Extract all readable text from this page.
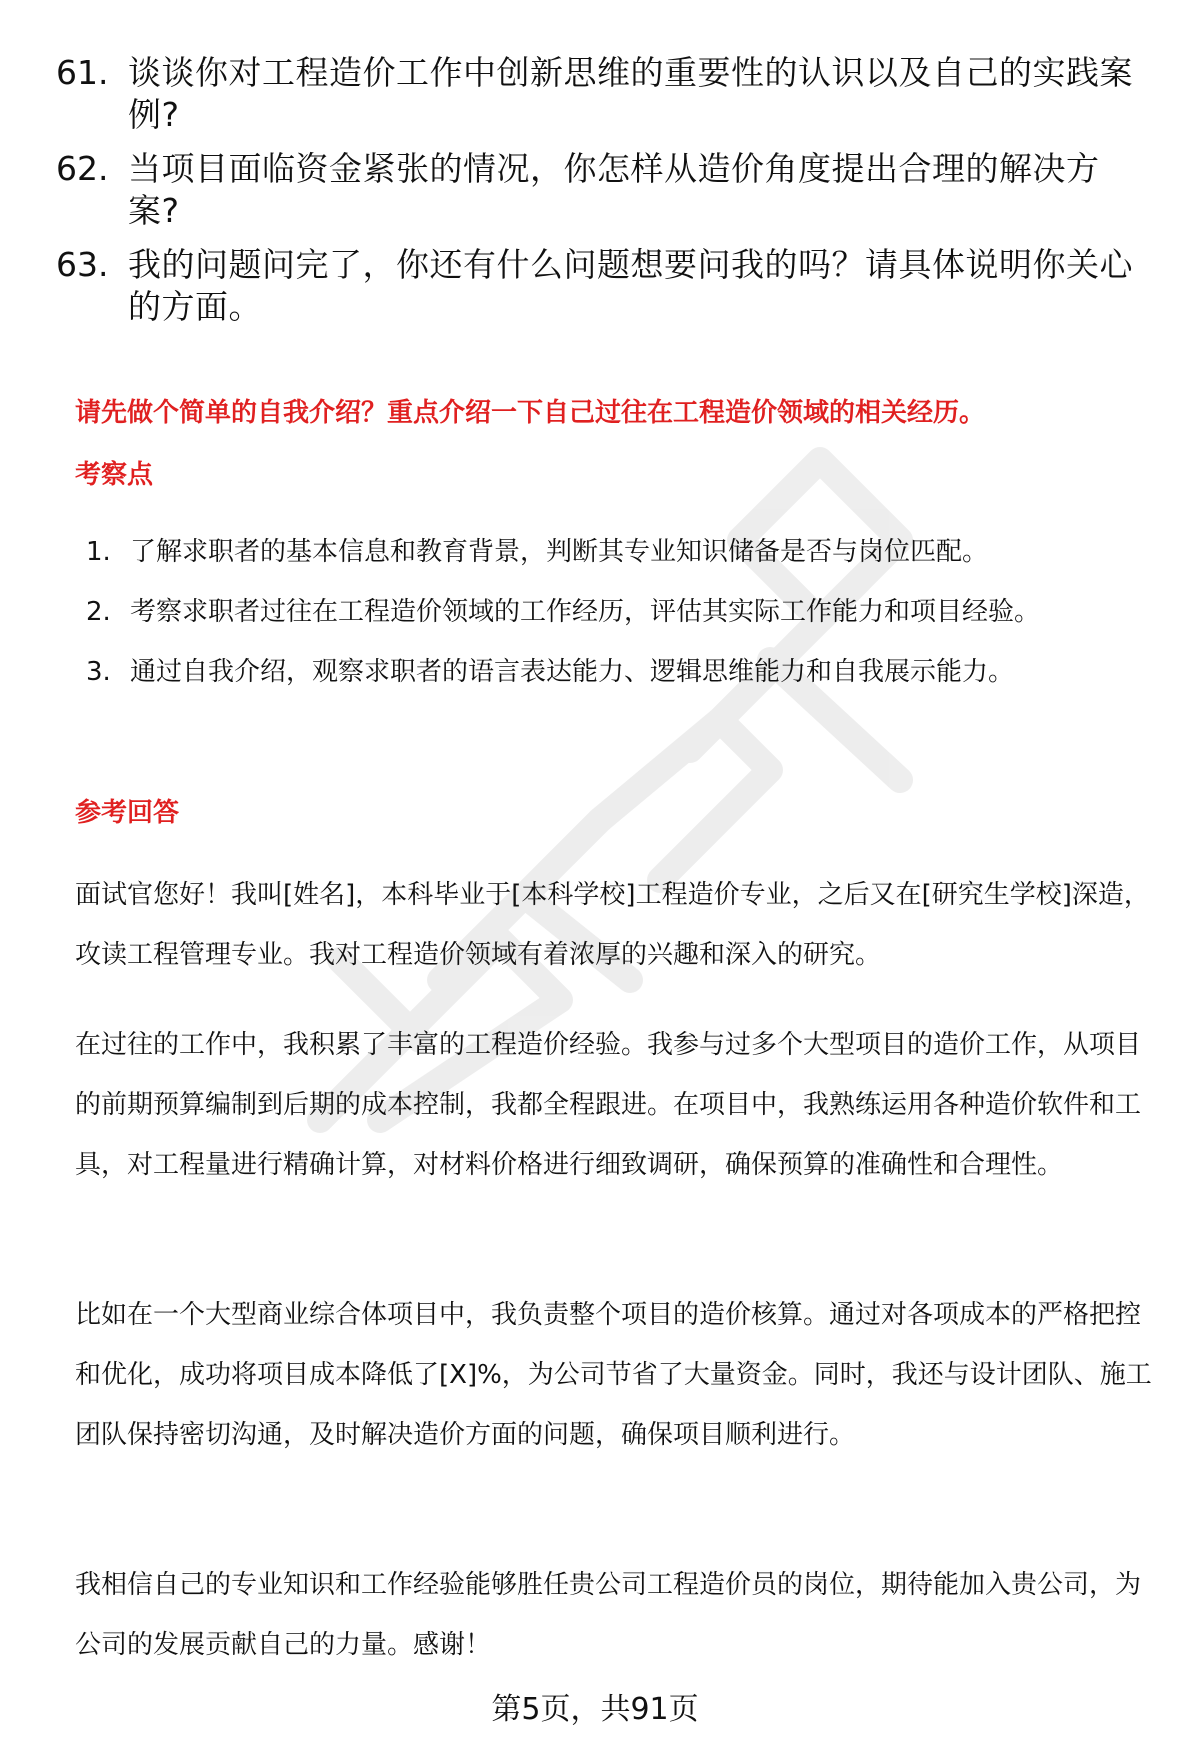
61. 谈谈你对工程造价工作中创新思维的重要性的认识以及自己的实践案例?
62. 当项目面临资金紧张的情况，你怎样从造价角度提出合理的解决方案?
63. 我的问题问完了，你还有什么问题想要问我的吗？请具体说明你关心的方面。
请先做个简单的自我介绍？重点介绍一下自己过往在工程造价领域的相关经历。
考察点
1. 了解求职者的基本信息和教育背景，判断其专业知识储备是否与岗位匹配。
2. 考察求职者过往在工程造价领域的工作经历，评估其实际工作能力和项目经验。
3. 通过自我介绍，观察求职者的语言表达能力、逻辑思维能力和自我展示能力。
参考回答

面试官您好！我叫[姓名]，本科毕业于[本科学校]工程造价专业，之后又在[研究生学校]深造，攻读工程管理专业。我对工程造价领域有着浓厚的兴趣和深入的研究。

在过往的工作中，我积累了丰富的工程造价经验。我参与过多个大型项目的造价工作，从项目的前期预算编制到后期的成本控制，我都全程跟进。在项目中，我熟练运用各种造价软件和工具，对工程量进行精确计算，对材料价格进行细致调研，确保预算的准确性和合理性。

比如在一个大型商业综合体项目中，我负责整个项目的造价核算。通过对各项成本的严格把控和优化，成功将项目成本降低了[X]%，为公司节省了大量资金。同时，我还与设计团队、施工团队保持密切沟通，及时解决造价方面的问题，确保项目顺利进行。

我相信自己的专业知识和工作经验能够胜任贵公司工程造价员的岗位，期待能加入贵公司，为公司的发展贡献自己的力量。感谢！

第5页，共91页
